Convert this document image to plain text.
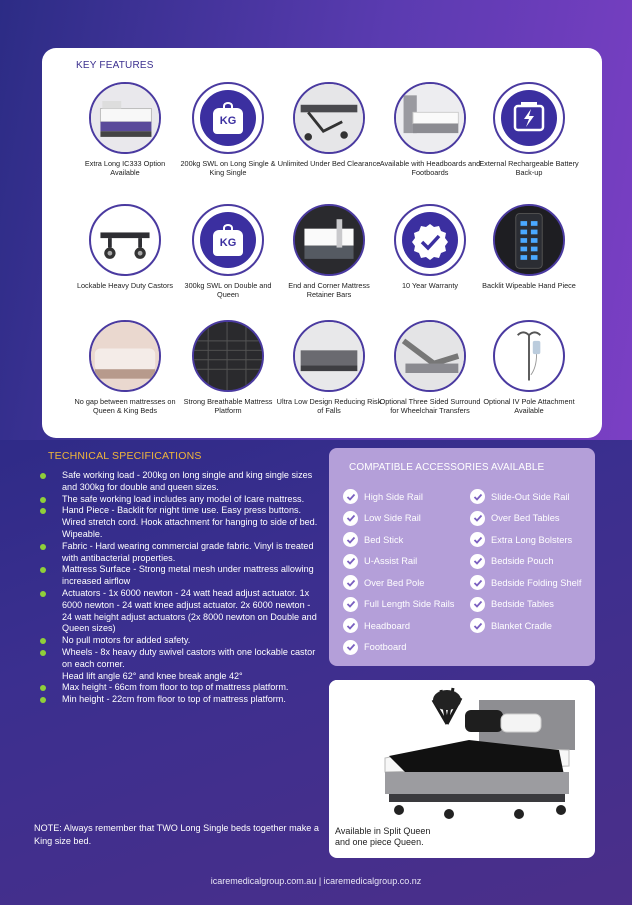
KEY FEATURES
Extra Long IC333 Option Available
KG
200kg SWL on Long Single & King Single
Unlimited Under Bed Clearance Available with Headboards and Footboards
External Rechargeable Battery Back-up
Lockable Heavy Duty Castors
KG
300kg SWL on Double and Queen
End and Corner Mattress Retainer Bars
10 Year Warranty	Backlit Wipeable Hand Piece
No gap between mattresses on Queen & King Beds
Strong Breathable Mattress Platform
Ultra Low Design Reducing Risk of Falls
Optional Three Sided Surround for Wheelchair Transfers
Optional IV Pole Attachment Available
TECHNICAL SPECIFICATIONS
Safe working load - 200kg on long single and king single sizes and 300kg for double and queen sizes.
The safe working load includes any model of Icare mattress.
Hand Piece - Backlit for night time use. Easy press buttons. Wired stretch cord. Hook attachment for hanging to side of bed. Wipeable.
Fabric - Hard wearing commercial grade fabric. Vinyl is treated with antibacterial properties.
Mattress Surface - Strong metal mesh under mattress allowing increased airflow
Actuators - 1x 6000 newton - 24 watt head adjust actuator. 1x 6000 newton - 24 watt knee adjust actuator. 2x 6000 newton - 24 watt height adjust actuators (2x 8000 newton on Double and Queen sizes)
No pull motors for added safety.
Wheels - 8x heavy duty swivel castors with one lockable castor on each corner.
Head lift angle 62° and knee break angle 42°
Max height - 66cm from floor to top of mattress platform.
Min height - 22cm from floor to top of mattress platform.
NOTE: Always remember that TWO Long Single beds together make a King size bed.
COMPATIBLE ACCESSORIES AVAILABLE
High Side Rail
Low Side Rail
Bed Stick
U-Assist Rail
Over Bed Pole
Full Length Side Rails
Headboard
Footboard
Slide-Out Side Rail
Over Bed Tables
Extra Long Bolsters
Bedside Pouch
Bedside Folding Shelf
Bedside Tables
Blanket Cradle
Available in Split Queen
and one piece Queen.
icaremedicalgroup.com.au | icaremedicalgroup.co.nz
